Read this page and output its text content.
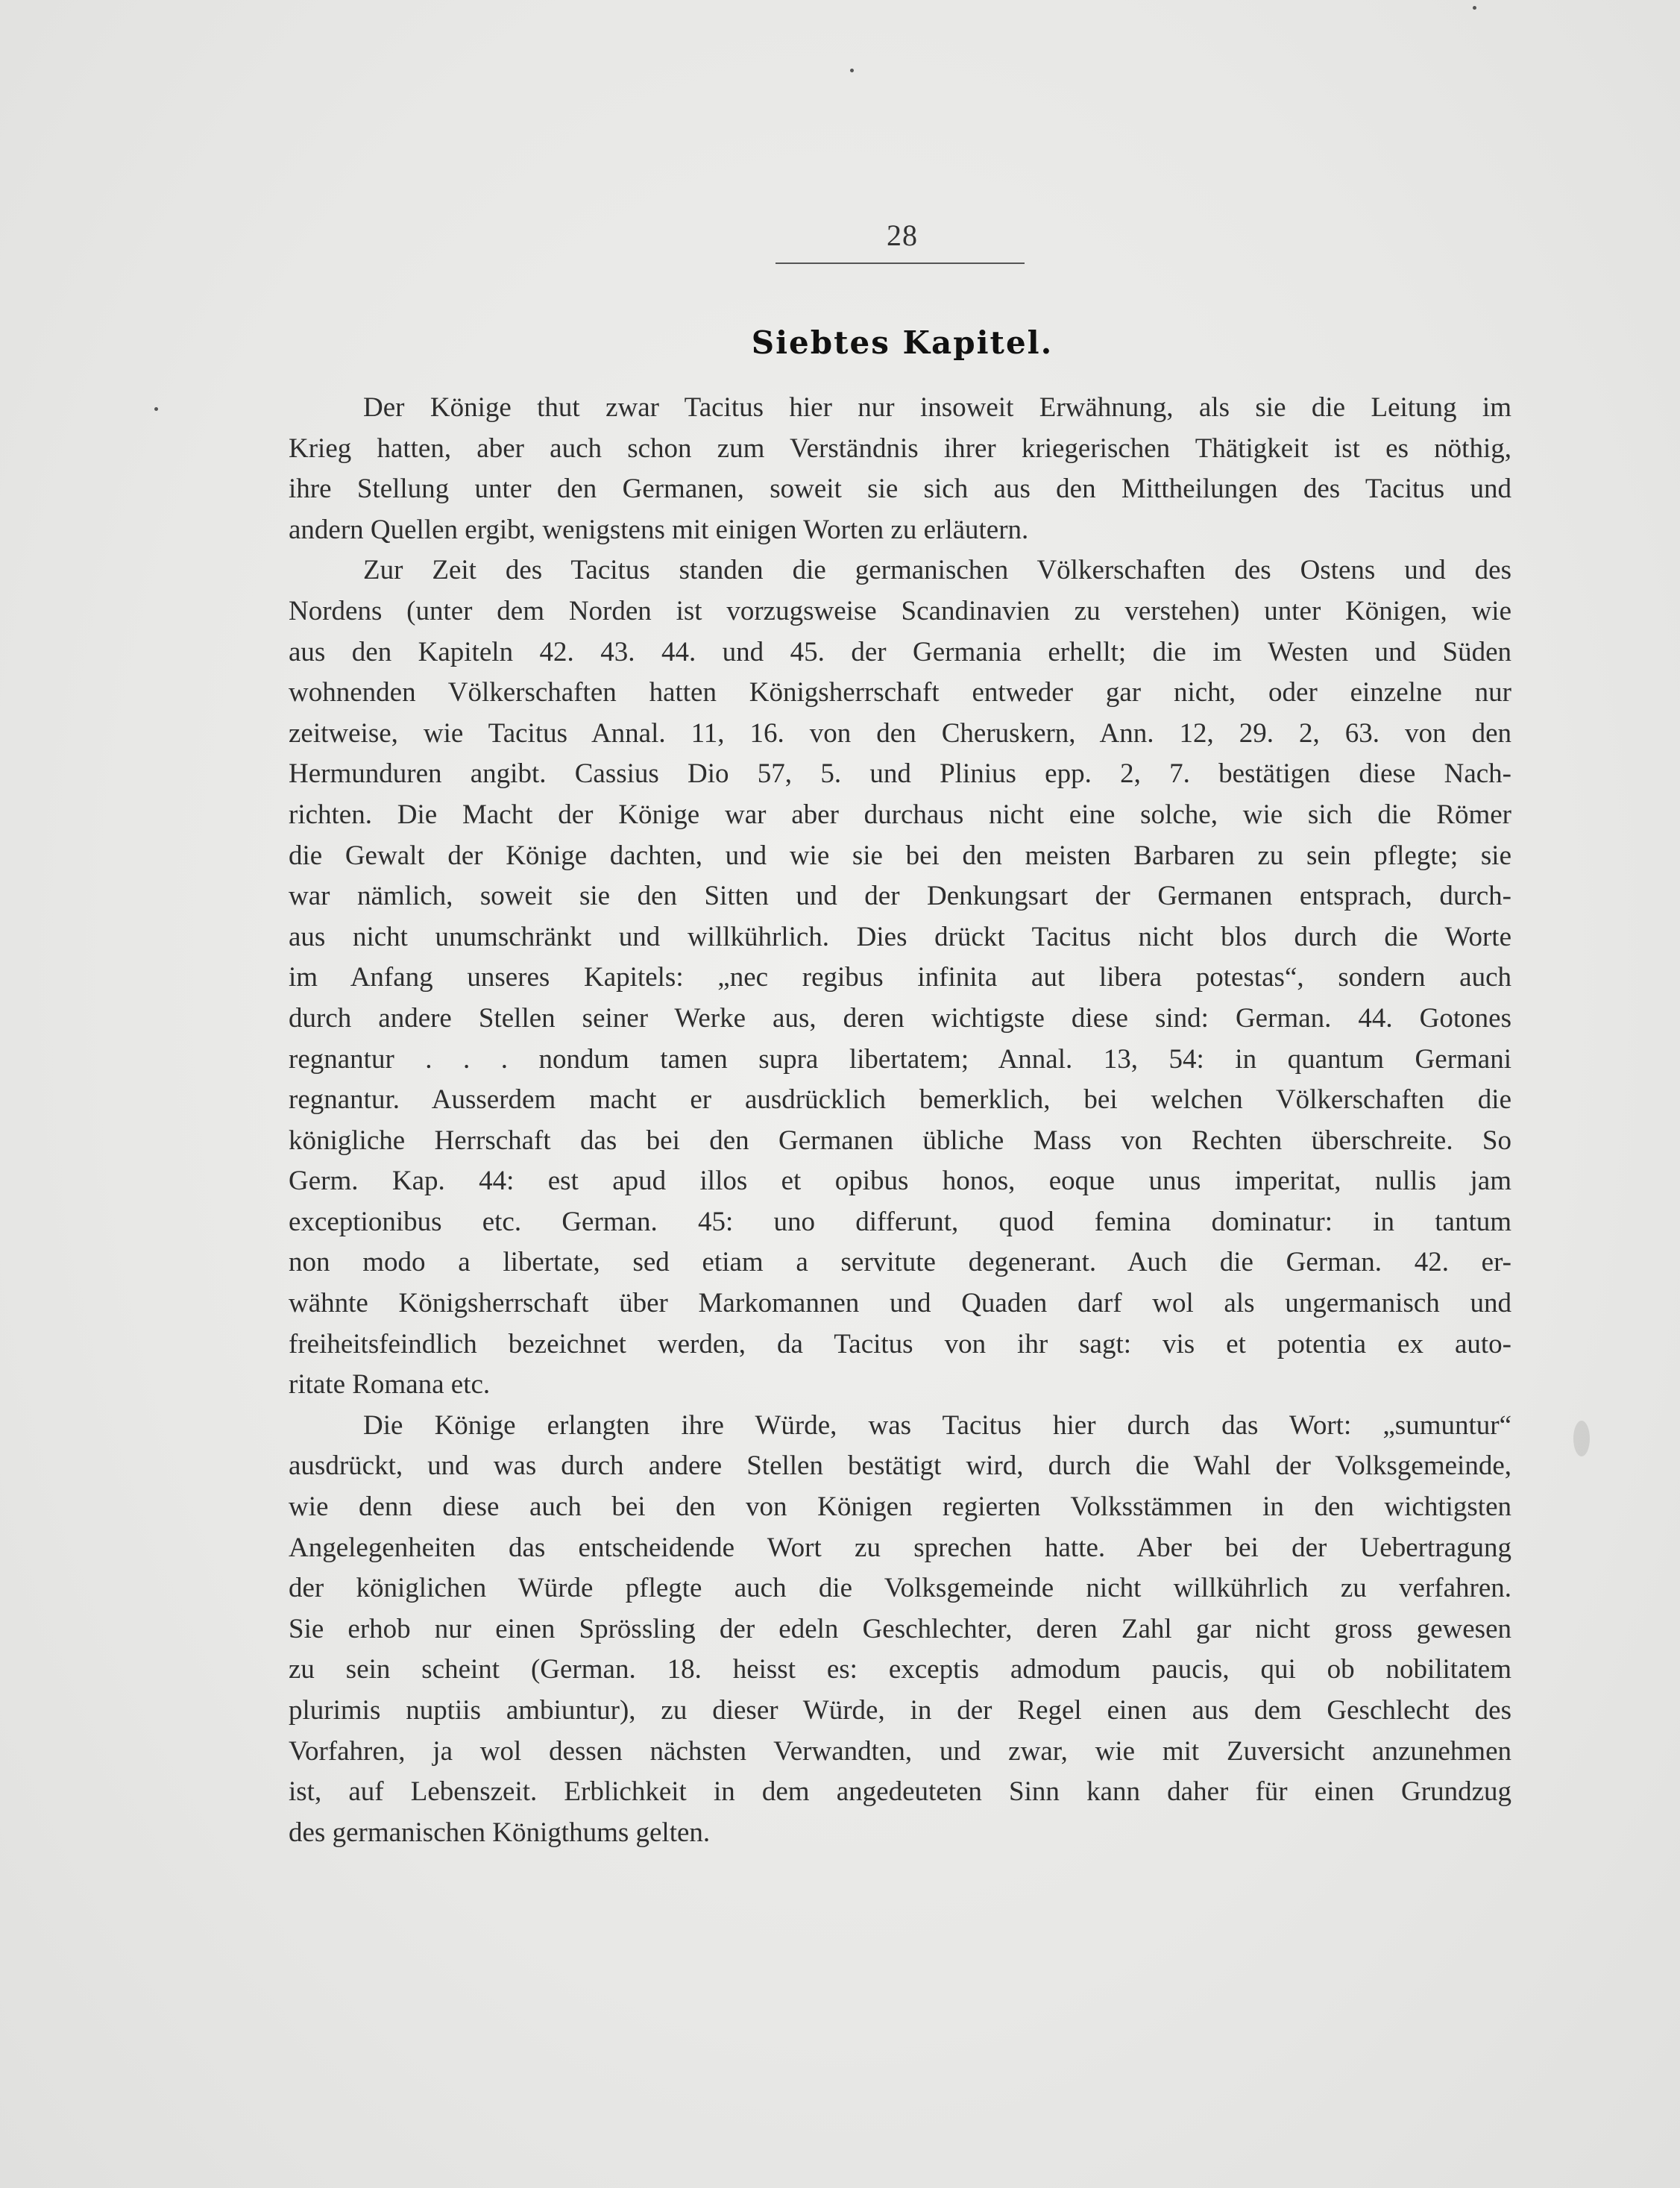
28
Siebtes Kapitel.
Der Könige thut zwar Tacitus hier nur insoweit Erwähnung, als sie die Leitung im
Krieg hatten, aber auch schon zum Verständnis ihrer kriegerischen Thätigkeit ist es nöthig,
ihre Stellung unter den Germanen, soweit sie sich aus den Mittheilungen des Tacitus und
andern Quellen ergibt, wenigstens mit einigen Worten zu erläutern.
Zur Zeit des Tacitus standen die germanischen Völkerschaften des Ostens und des
Nordens (unter dem Norden ist vorzugsweise Scandinavien zu verstehen) unter Königen, wie
aus den Kapiteln 42. 43. 44. und 45. der Germania erhellt; die im Westen und Süden
wohnenden Völkerschaften hatten Königsherrschaft entweder gar nicht, oder einzelne nur
zeitweise, wie Tacitus Annal. 11, 16. von den Cheruskern, Ann. 12, 29. 2, 63. von den
Hermunduren angibt. Cassius Dio 57, 5. und Plinius epp. 2, 7. bestätigen diese Nach-
richten. Die Macht der Könige war aber durchaus nicht eine solche, wie sich die Römer
die Gewalt der Könige dachten, und wie sie bei den meisten Barbaren zu sein pflegte; sie
war nämlich, soweit sie den Sitten und der Denkungsart der Germanen entsprach, durch-
aus nicht unumschränkt und willkührlich. Dies drückt Tacitus nicht blos durch die Worte
im Anfang unseres Kapitels: „nec regibus infinita aut libera potestas“, sondern auch
durch andere Stellen seiner Werke aus, deren wichtigste diese sind: German. 44. Gotones
regnantur . . . nondum tamen supra libertatem; Annal. 13, 54: in quantum Germani
regnantur. Ausserdem macht er ausdrücklich bemerklich, bei welchen Völkerschaften die
königliche Herrschaft das bei den Germanen übliche Mass von Rechten überschreite. So
Germ. Kap. 44: est apud illos et opibus honos, eoque unus imperitat, nullis jam
exceptionibus etc. German. 45: uno differunt, quod femina dominatur: in tantum
non modo a libertate, sed etiam a servitute degenerant. Auch die German. 42. er-
wähnte Königsherrschaft über Markomannen und Quaden darf wol als ungermanisch und
freiheitsfeindlich bezeichnet werden, da Tacitus von ihr sagt: vis et potentia ex auto-
ritate Romana etc.
Die Könige erlangten ihre Würde, was Tacitus hier durch das Wort: „sumuntur“
ausdrückt, und was durch andere Stellen bestätigt wird, durch die Wahl der Volksgemeinde,
wie denn diese auch bei den von Königen regierten Volksstämmen in den wichtigsten
Angelegenheiten das entscheidende Wort zu sprechen hatte. Aber bei der Uebertragung
der königlichen Würde pflegte auch die Volksgemeinde nicht willkührlich zu verfahren.
Sie erhob nur einen Sprössling der edeln Geschlechter, deren Zahl gar nicht gross gewesen
zu sein scheint (German. 18. heisst es: exceptis admodum paucis, qui ob nobilitatem
plurimis nuptiis ambiuntur), zu dieser Würde, in der Regel einen aus dem Geschlecht des
Vorfahren, ja wol dessen nächsten Verwandten, und zwar, wie mit Zuversicht anzunehmen
ist, auf Lebenszeit. Erblichkeit in dem angedeuteten Sinn kann daher für einen Grundzug
des germanischen Königthums gelten.
